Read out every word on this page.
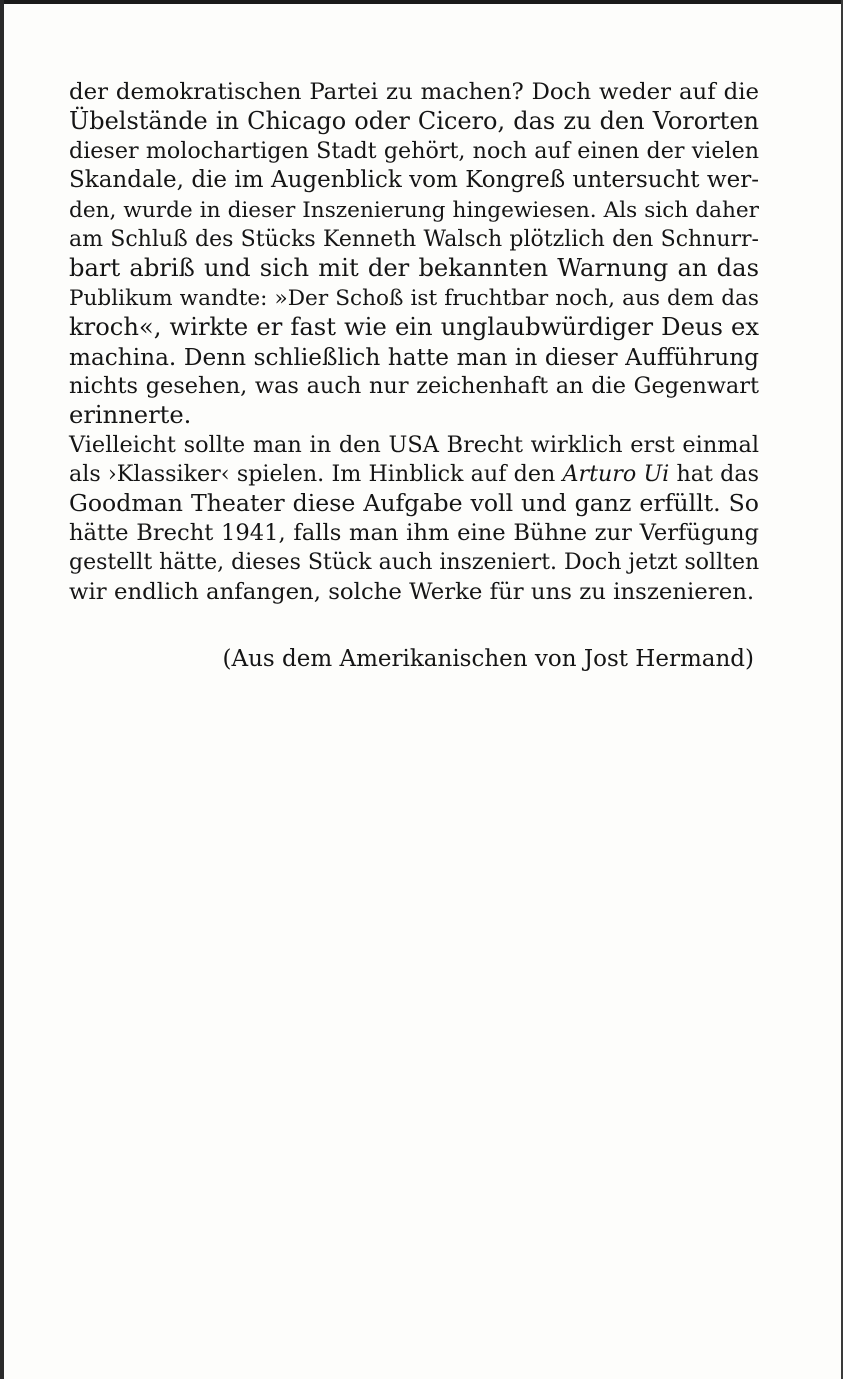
der demokratischen Partei zu machen? Doch weder auf die
Übelstände in Chicago oder Cicero, das zu den Vororten
dieser molochartigen Stadt gehört, noch auf einen der vielen
Skandale, die im Augenblick vom Kongreß untersucht wer-
den, wurde in dieser Inszenierung hingewiesen. Als sich daher
am Schluß des Stücks Kenneth Walsch plötzlich den Schnurr-
bart abriß und sich mit der bekannten Warnung an das
Publikum wandte: »Der Schoß ist fruchtbar noch, aus dem das
kroch«, wirkte er fast wie ein unglaubwürdiger Deus ex
machina. Denn schließlich hatte man in dieser Aufführung
nichts gesehen, was auch nur zeichenhaft an die Gegenwart
erinnerte.
Vielleicht sollte man in den USA Brecht wirklich erst einmal
als ›Klassiker‹ spielen. Im Hinblick auf den Arturo Ui hat das
Goodman Theater diese Aufgabe voll und ganz erfüllt. So
hätte Brecht 1941, falls man ihm eine Bühne zur Verfügung
gestellt hätte, dieses Stück auch inszeniert. Doch jetzt sollten
wir endlich anfangen, solche Werke für uns zu inszenieren.
(Aus dem Amerikanischen von Jost Hermand)
